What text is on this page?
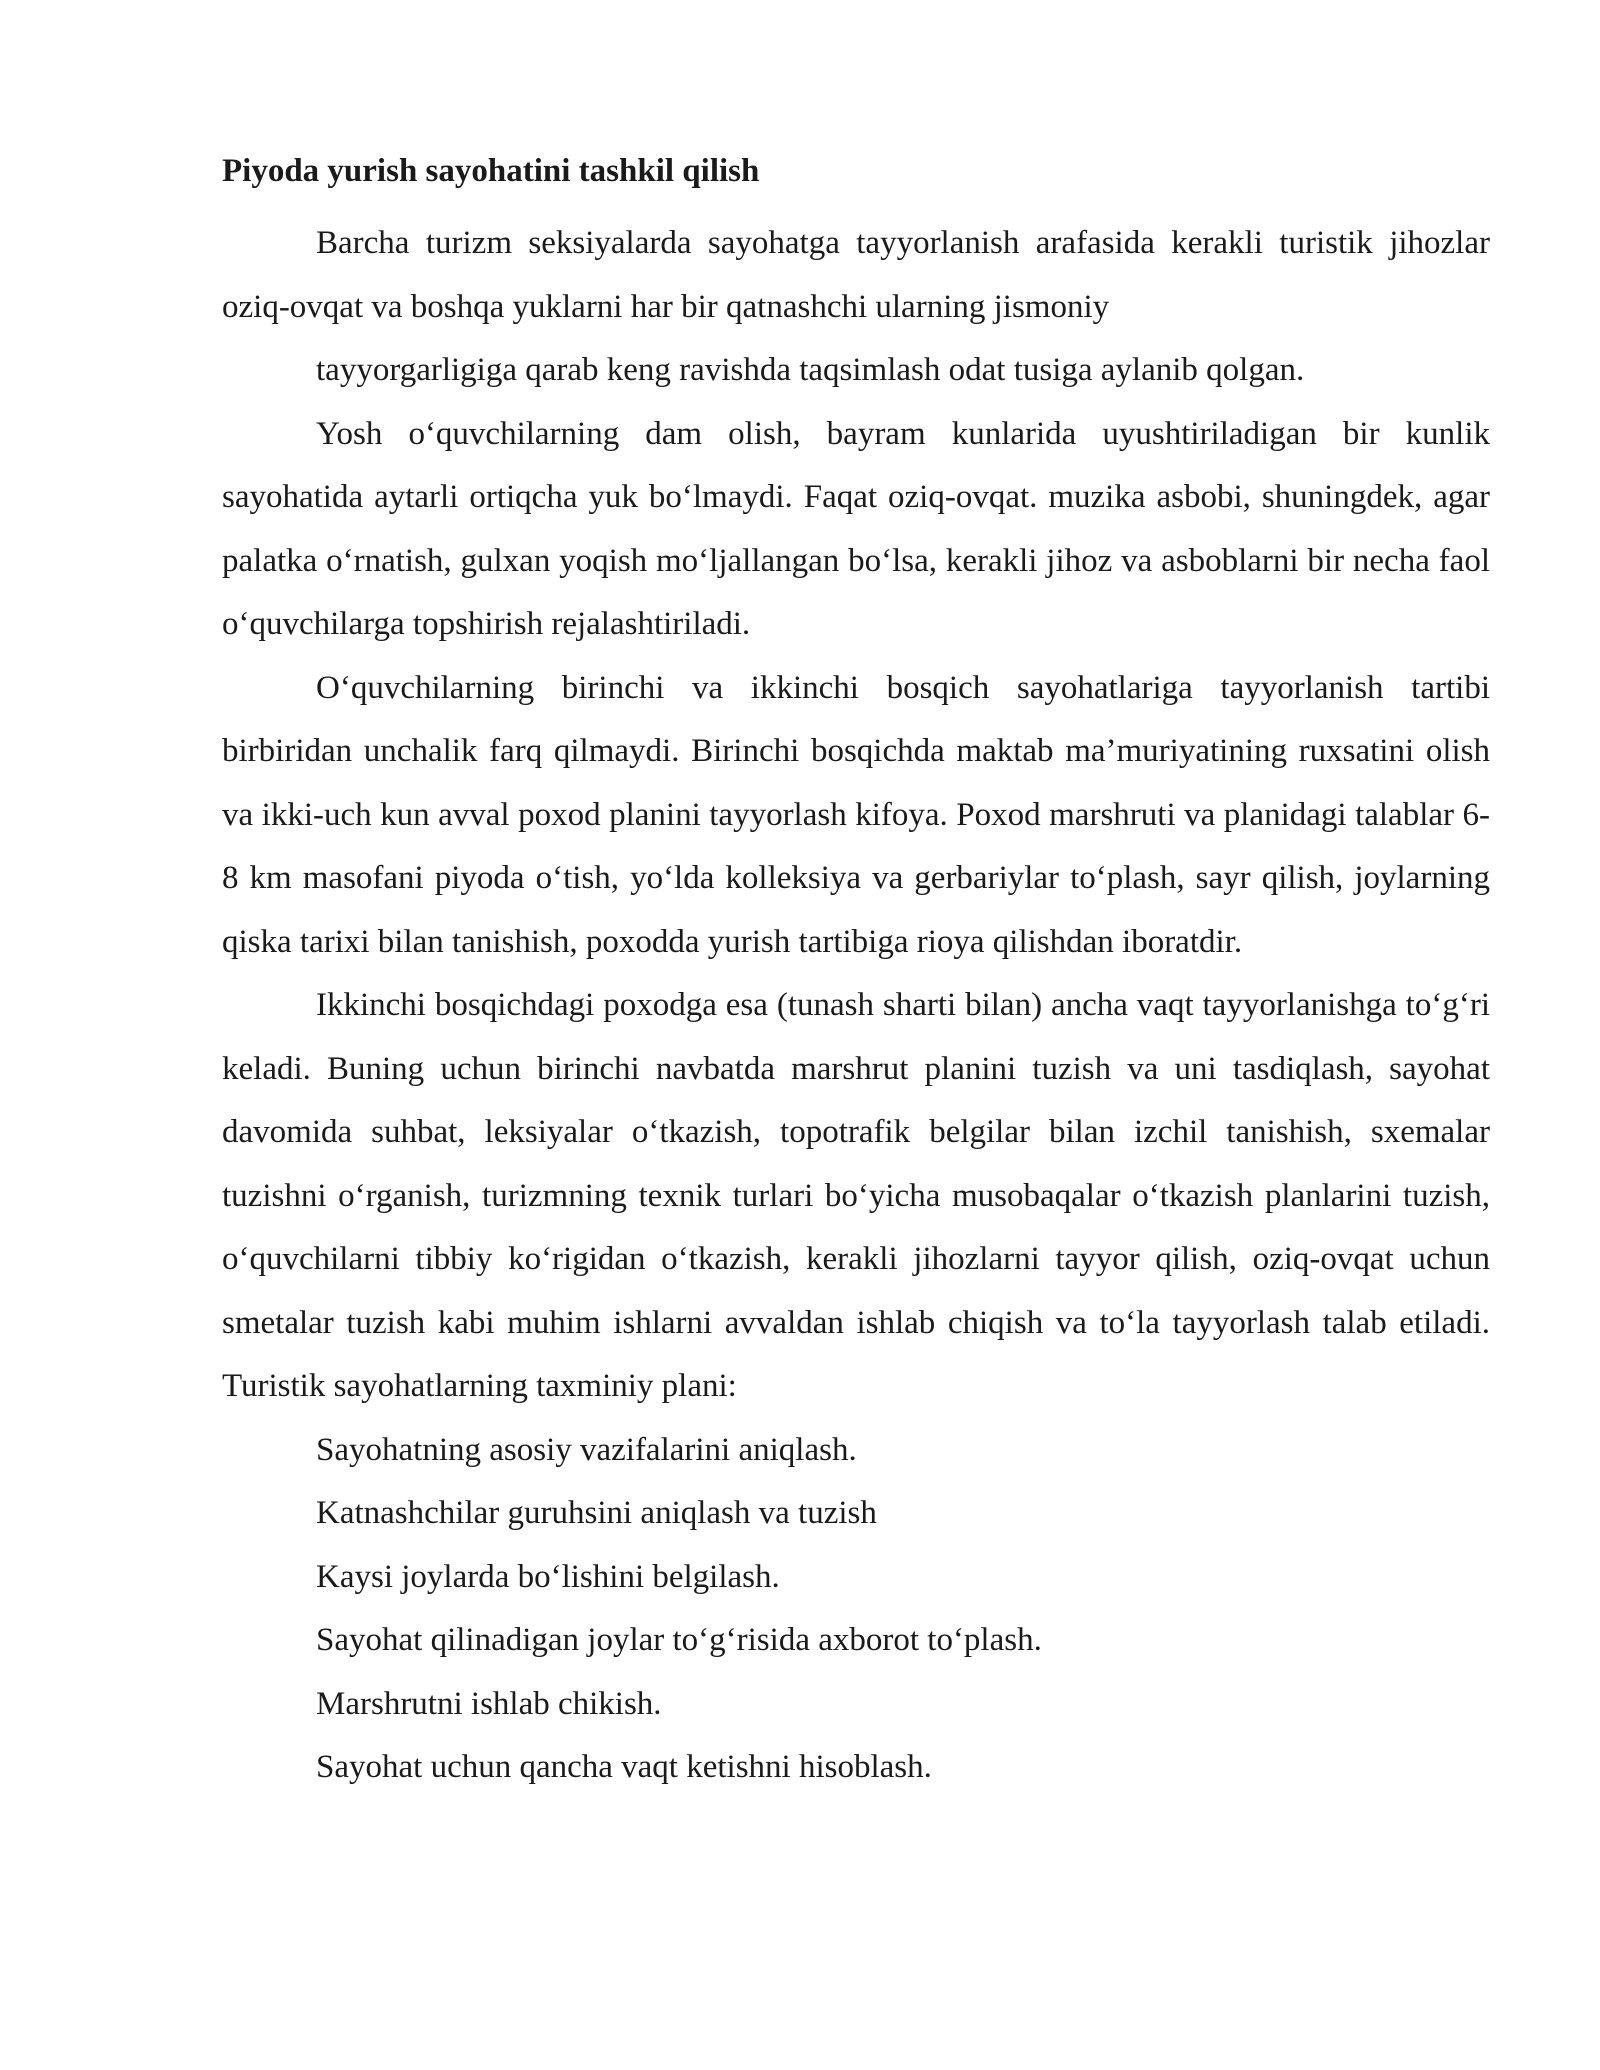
Piyoda yurish sayohatini tashkil qilish

Barcha turizm seksiyalarda sayohatga tayyorlanish arafasida kerakli turistik jihozlar oziq-ovqat va boshqa yuklarni har bir qatnashchi ularning jismoniy

tayyorgarligiga qarab keng ravishda taqsimlash odat tusiga aylanib qolgan.

Yosh o‘quvchilarning dam olish, bayram kunlarida uyushtiriladigan bir kunlik sayohatida aytarli ortiqcha yuk bo‘lmaydi. Faqat oziq-ovqat. muzika asbobi, shuningdek, agar palatka o‘rnatish, gulxan yoqish mo‘ljallangan bo‘lsa, kerakli jihoz va asboblarni bir necha faol o‘quvchilarga topshirish rejalashtiriladi.

O‘quvchilarning birinchi va ikkinchi bosqich sayohatlariga tayyorlanish tartibi birbiridan unchalik farq qilmaydi. Birinchi bosqichda maktab ma’muriyatining ruxsatini olish va ikki-uch kun avval poxod planini tayyorlash kifoya. Poxod marshruti va planidagi talablar 6-8 km masofani piyoda o‘tish, yo‘lda kolleksiya va gerbariylar to‘plash, sayr qilish, joylarning qiska tarixi bilan tanishish, poxodda yurish tartibiga rioya qilishdan iboratdir.

Ikkinchi bosqichdagi poxodga esa (tunash sharti bilan) ancha vaqt tayyorlanishga to‘g‘ri keladi. Buning uchun birinchi navbatda marshrut planini tuzish va uni tasdiqlash, sayohat davomida suhbat, leksiyalar o‘tkazish, topotrafik belgilar bilan izchil tanishish, sxemalar tuzishni o‘rganish, turizmning texnik turlari bo‘yicha musobaqalar o‘tkazish planlarini tuzish, o‘quvchilarni tibbiy ko‘rigidan o‘tkazish, kerakli jihozlarni tayyor qilish, oziq-ovqat uchun smetalar tuzish kabi muhim ishlarni avvaldan ishlab chiqish va to‘la tayyorlash talab etiladi. Turistik sayohatlarning taxminiy plani:

Sayohatning asosiy vazifalarini aniqlash.

Katnashchilar guruhsini aniqlash va tuzish

Kaysi joylarda bo‘lishini belgilash.

Sayohat qilinadigan joylar to‘g‘risida axborot to‘plash.

Marshrutni ishlab chikish.

Sayohat uchun qancha vaqt ketishni hisoblash.
